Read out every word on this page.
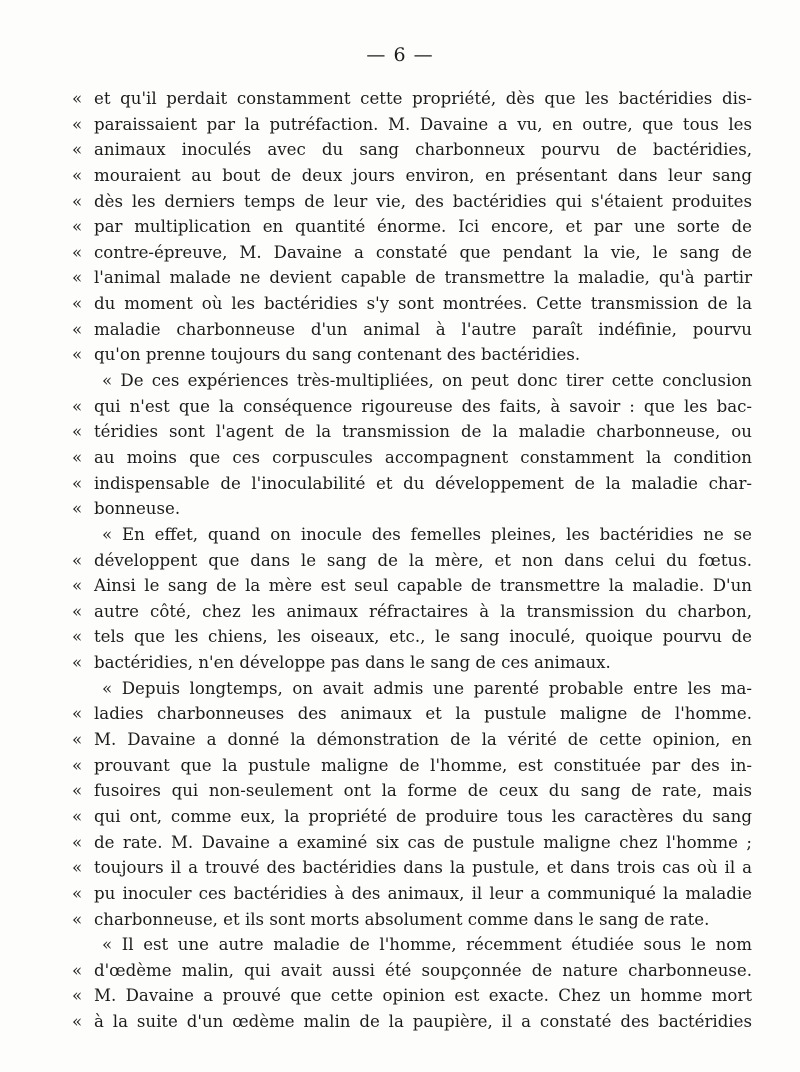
— 6 —
« et qu'il perdait constamment cette propriété, dès que les bactéridies dis-
« paraissaient par la putréfaction. M. Davaine a vu, en outre, que tous les
« animaux inoculés avec du sang charbonneux pourvu de bactéridies,
« mouraient au bout de deux jours environ, en présentant dans leur sang
« dès les derniers temps de leur vie, des bactéridies qui s'étaient produites
« par multiplication en quantité énorme. Ici encore, et par une sorte de
« contre-épreuve, M. Davaine a constaté que pendant la vie, le sang de
« l'animal malade ne devient capable de transmettre la maladie, qu'à partir
« du moment où les bactéridies s'y sont montrées. Cette transmission de la
« maladie charbonneuse d'un animal à l'autre paraît indéfinie, pourvu
« qu'on prenne toujours du sang contenant des bactéridies.
« De ces expériences très-multipliées, on peut donc tirer cette conclusion
« qui n'est que la conséquence rigoureuse des faits, à savoir : que les bac-
« téridies sont l'agent de la transmission de la maladie charbonneuse, ou
« au moins que ces corpuscules accompagnent constamment la condition
« indispensable de l'inoculabilité et du développement de la maladie char-
« bonneuse.
« En effet, quand on inocule des femelles pleines, les bactéridies ne se
« développent que dans le sang de la mère, et non dans celui du fœtus.
« Ainsi le sang de la mère est seul capable de transmettre la maladie. D'un
« autre côté, chez les animaux réfractaires à la transmission du charbon,
« tels que les chiens, les oiseaux, etc., le sang inoculé, quoique pourvu de
« bactéridies, n'en développe pas dans le sang de ces animaux.
« Depuis longtemps, on avait admis une parenté probable entre les ma-
« ladies charbonneuses des animaux et la pustule maligne de l'homme.
« M. Davaine a donné la démonstration de la vérité de cette opinion, en
« prouvant que la pustule maligne de l'homme, est constituée par des in-
« fusoires qui non-seulement ont la forme de ceux du sang de rate, mais
« qui ont, comme eux, la propriété de produire tous les caractères du sang
« de rate. M. Davaine a examiné six cas de pustule maligne chez l'homme ;
« toujours il a trouvé des bactéridies dans la pustule, et dans trois cas où il a
« pu inoculer ces bactéridies à des animaux, il leur a communiqué la maladie
« charbonneuse, et ils sont morts absolument comme dans le sang de rate.
« Il est une autre maladie de l'homme, récemment étudiée sous le nom
« d'œdème malin, qui avait aussi été soupçonnée de nature charbonneuse.
« M. Davaine a prouvé que cette opinion est exacte. Chez un homme mort
« à la suite d'un œdème malin de la paupière, il a constaté des bactéridies
